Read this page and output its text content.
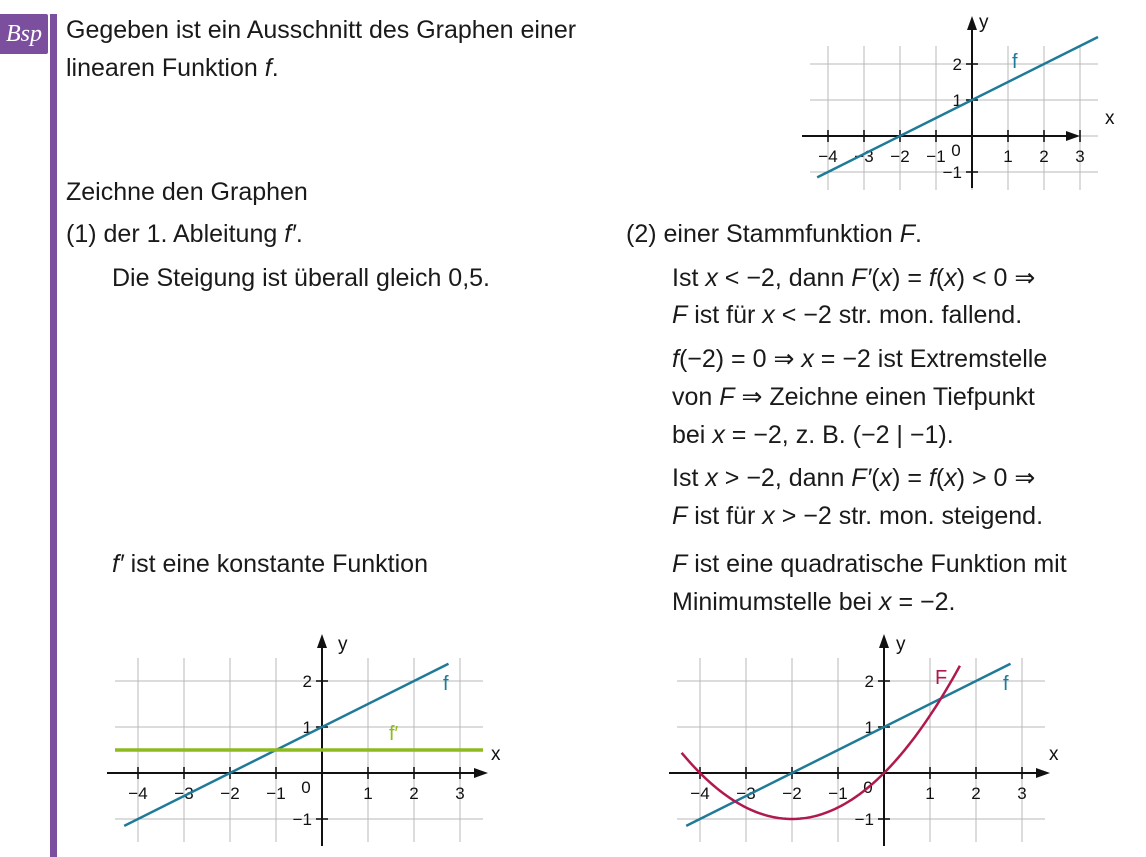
Bsp Gegeben ist ein Ausschnitt des Graphen einer
linearen Funktion f.
Zeichne den Graphen
(1) der 1. Ableitung f′.	(2) einer Stammfunktion F.
Die Steigung ist überall gleich 0,5.
f′ ist eine konstante Funktion
Ist x < −2, dann F′(x) = f(x) < 0 ⇒
F ist für x < −2 str. mon. fallend.
f(−2) = 0 ⇒ x = −2 ist Extremstelle
von F ⇒ Zeichne einen Tiefpunkt
bei x = −2, z. B. (−2 | −1).
Ist x > −2, dann F′(x) = f(x) > 0 ⇒
F ist für x > −2 str. mon. steigend.
F ist eine quadratische Funktion mit
Minimumstelle bei x = −2.
−4 −3 −2 −1	1 2 3
2
1
−1
0
x
y
f
−4 −3 −2 −1	1 2 3
2
1
−1
0
x
y
f
f′
−4 −3 −2 −1	1 2 3
2
1
−1
0
x
y
f
F
